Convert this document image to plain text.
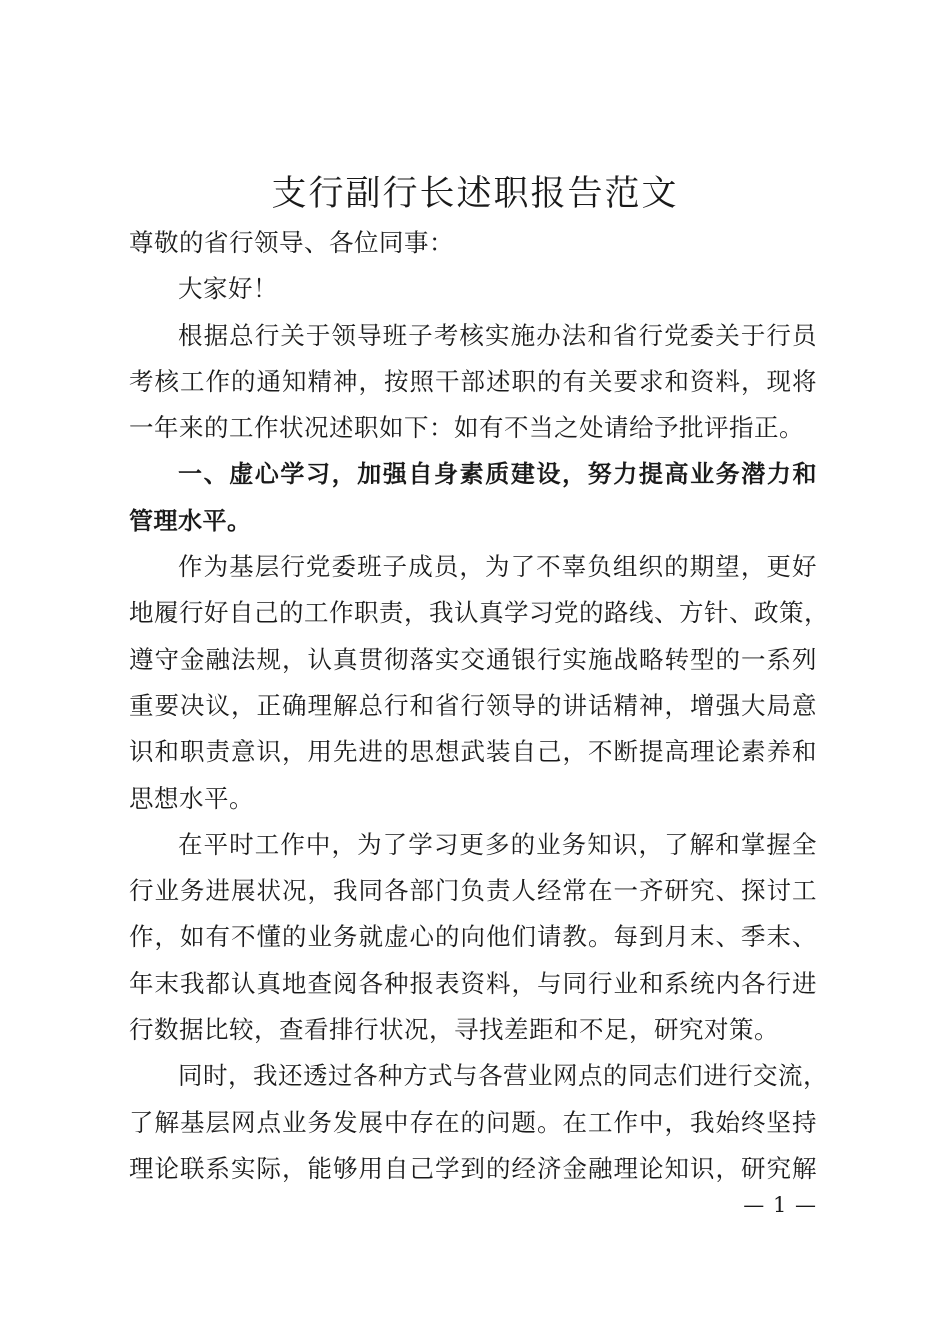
支行副行长述职报告范文
尊敬的省行领导、各位同事：
大家好！
根据总行关于领导班子考核实施办法和省行党委关于行员
考核工作的通知精神，按照干部述职的有关要求和资料，现将
一年来的工作状况述职如下：如有不当之处请给予批评指正。
一、虚心学习，加强自身素质建设，努力提高业务潜力和
管理水平。
作为基层行党委班子成员，为了不辜负组织的期望，更好
地履行好自己的工作职责，我认真学习党的路线、方针、政策，
遵守金融法规，认真贯彻落实交通银行实施战略转型的一系列
重要决议，正确理解总行和省行领导的讲话精神，增强大局意
识和职责意识，用先进的思想武装自己，不断提高理论素养和
思想水平。
在平时工作中，为了学习更多的业务知识，了解和掌握全
行业务进展状况，我同各部门负责人经常在一齐研究、探讨工
作，如有不懂的业务就虚心的向他们请教。每到月末、季末、
年末我都认真地查阅各种报表资料，与同行业和系统内各行进
行数据比较，查看排行状况，寻找差距和不足，研究对策。
同时，我还透过各种方式与各营业网点的同志们进行交流，
了解基层网点业务发展中存在的问题。在工作中，我始终坚持
理论联系实际，能够用自己学到的经济金融理论知识，研究解
— 1 —
